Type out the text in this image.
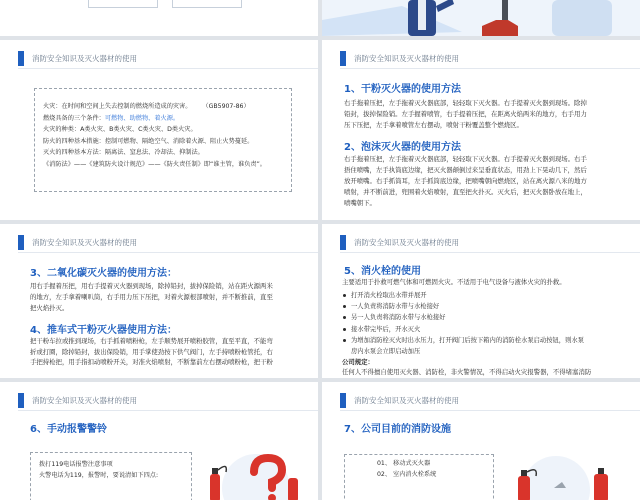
消防安全知识及灭火器材的使用
火灾：在时间和空间上失去控制的燃烧所造成的灾害。 （GB5907-86）
燃烧具备的三个条件：可燃物、助燃物、着火源。
火灾的种类：A类火灾、B类火灾、C类火灾、D类火灾。
防火的四种基本措施：控制可燃物、隔绝空气、消除着火源、阻止火势蔓延。
灭火的四种基本方法：隔离法、窒息法、冷却法、抑制法。
《消防法》——《建筑防火设计规范》——《防火责任制》即“谁主管，谁负责”。
消防安全知识及灭火器材的使用
1、干粉灭火器的使用方法
右手拖着压把，左手拖着灭火器底部，轻轻取下灭火器。右手提着灭火器到现场。除掉
铅封，拔掉保险销。左手握着喷管，右手提着压把，在距离火焰两米的地方，右手用力
压下压把，左手拿着喷管左右摆动，喷射干粉覆盖整个燃烧区。
2、泡沫灭火器的使用方法
右手拖着压把，左手拖着灭火器底部，轻轻取下灭火器。右手提着灭火器到现场。右手
捂住喷嘴，左手执筒底边缘，把灭火器颠倒过来呈垂直状态，用劲上下晃动几下，然后
放开喷嘴。右手抓筒耳，左手抓筒底边缘，把喷嘴朝向燃烧区，站在离火源八米的地方
喷射，并不断前进，兜围着火焰喷射，直至把火扑灭。灭火后，把灭火器卧放在地上，
喷嘴朝下。
消防安全知识及灭火器材的使用
3、二氧化碳灭火器的使用方法：
用右手握着压把，用右手提着灭火器到现场，除掉铅封，拔掉保险销，站在距火源两米
的地方，左手拿着喇叭筒，右手用力压下压把，对着火源根部喷射，并不断推前，直至
把火焰扑灭。
4、推车式干粉灭火器使用方法：
把干粉车拉或推到现场，右手抓着喷粉枪，左手顺势展开喷粉胶管，直至平直，不能弯
折或打圈，除掉铅封，拔出保险销，用手掌使劲按下供气阀门，左手持喷粉枪管托，右
手把持枪把，用手指扣动喷粉开关，对准火焰喷射，不断靠前左右摆动喷粉枪，把干粉
消防安全知识及灭火器材的使用
5、消火栓的使用
主要适用于扑救可燃气体和可燃固火灾。不适用于电气设备与液体火灾的扑救。
打开消火栓取出水带并展开
一人负责将消防水带与水枪接好
另一人负责将消防水带与水枪接好
接水带完毕后，开水灭火
为增加消防栓灭火时出水压力，打开阀门后按下箱内的消防栓水泵启动按钮，则水泵
房内水泵会立即启动加压
公司规定：
任何人不得擅自使用灭火器、消防栓，非火警情况，不得启动火灾报警器，不得堵塞消防
消防安全知识及灭火器材的使用
6、手动报警警铃
拨打119电话报警注意事项
火警电话为119，报警时，要说清如下四点:
消防安全知识及灭火器材的使用
7、公司目前的消防设施
01、 移动式灭火器
02、 室内消火栓系统
